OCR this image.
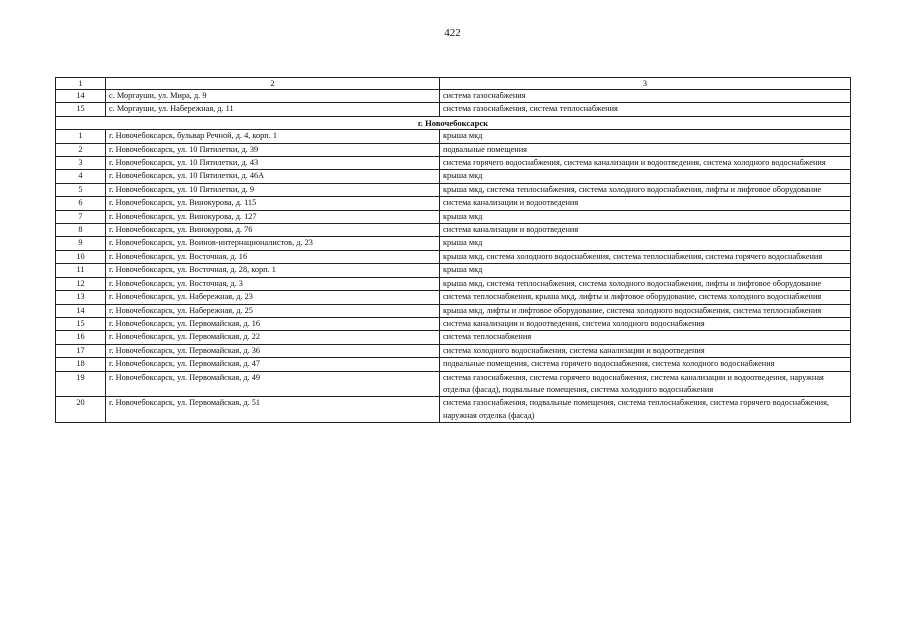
422
1	2	3
14	с. Моргауши, ул. Мира, д. 9	система газоснабжения
15	с. Моргауши, ул. Набережная, д. 11	система газоснабжения, система теплоснабжения
г. Новочебоксарск		
1	г. Новочебоксарск, бульвар Речной, д. 4, корп. 1	крыша мкд
2	г. Новочебоксарск, ул. 10 Пятилетки, д. 39	подвальные помещения
3	г. Новочебоксарск, ул. 10 Пятилетки, д. 43	система горячего водоснабжения, система канализации и водоотведения, система холодного водоснабжения
4	г. Новочебоксарск, ул. 10 Пятилетки, д. 46А	крыша мкд
5	г. Новочебоксарск, ул. 10 Пятилетки, д. 9	крыша мкд, система теплоснабжения, система холодного водоснабжения, лифты и лифтовое оборудование
6	г. Новочебоксарск, ул. Винокурова, д. 115	система канализации и водоотведения
7	г. Новочебоксарск, ул. Винокурова, д. 127	крыша мкд
8	г. Новочебоксарск, ул. Винокурова, д. 76	система канализации и водоотведения
9	г. Новочебоксарск, ул. Воинов-интернационалистов, д. 23	крыша мкд
10	г. Новочебоксарск, ул. Восточная, д. 16	крыша мкд, система холодного водоснабжения, система теплоснабжения, система горячего водоснабжения
11	г. Новочебоксарск, ул. Восточная, д. 28, корп. 1	крыша мкд
12	г. Новочебоксарск, ул. Восточная, д. 3	крыша мкд, система теплоснабжения, система холодного водоснабжения, лифты и лифтовое оборудование
13	г. Новочебоксарск, ул. Набережная, д. 23	система теплоснабжения, крыша мкд, лифты и лифтовое оборудование, система холодного водоснабжения
14	г. Новочебоксарск, ул. Набережная, д. 25	крыша мкд, лифты и лифтовое оборудование, система холодного водоснабжения, система теплоснабжения
15	г. Новочебоксарск, ул. Первомайская, д. 16	система канализации и водоотведения, система холодного водоснабжения
16	г. Новочебоксарск, ул. Первомайская, д. 22	система теплоснабжения
17	г. Новочебоксарск, ул. Первомайская, д. 36	система холодного водоснабжения, система канализации и водоотведения
18	г. Новочебоксарск, ул. Первомайская, д. 47	подвальные помещения, система горячего водоснабжения, система холодного водоснабжения
19	г. Новочебоксарск, ул. Первомайская, д. 49	система газоснабжения, система горячего водоснабжения, система канализации и водоотведения, наружная отделка (фасад), подвальные помещения, система холодного водоснабжения
20	г. Новочебоксарск, ул. Первомайская, д. 51	система газоснабжения, подвальные помещения, система теплоснабжения, система горячего водоснабжения, наружная отделка (фасад)
